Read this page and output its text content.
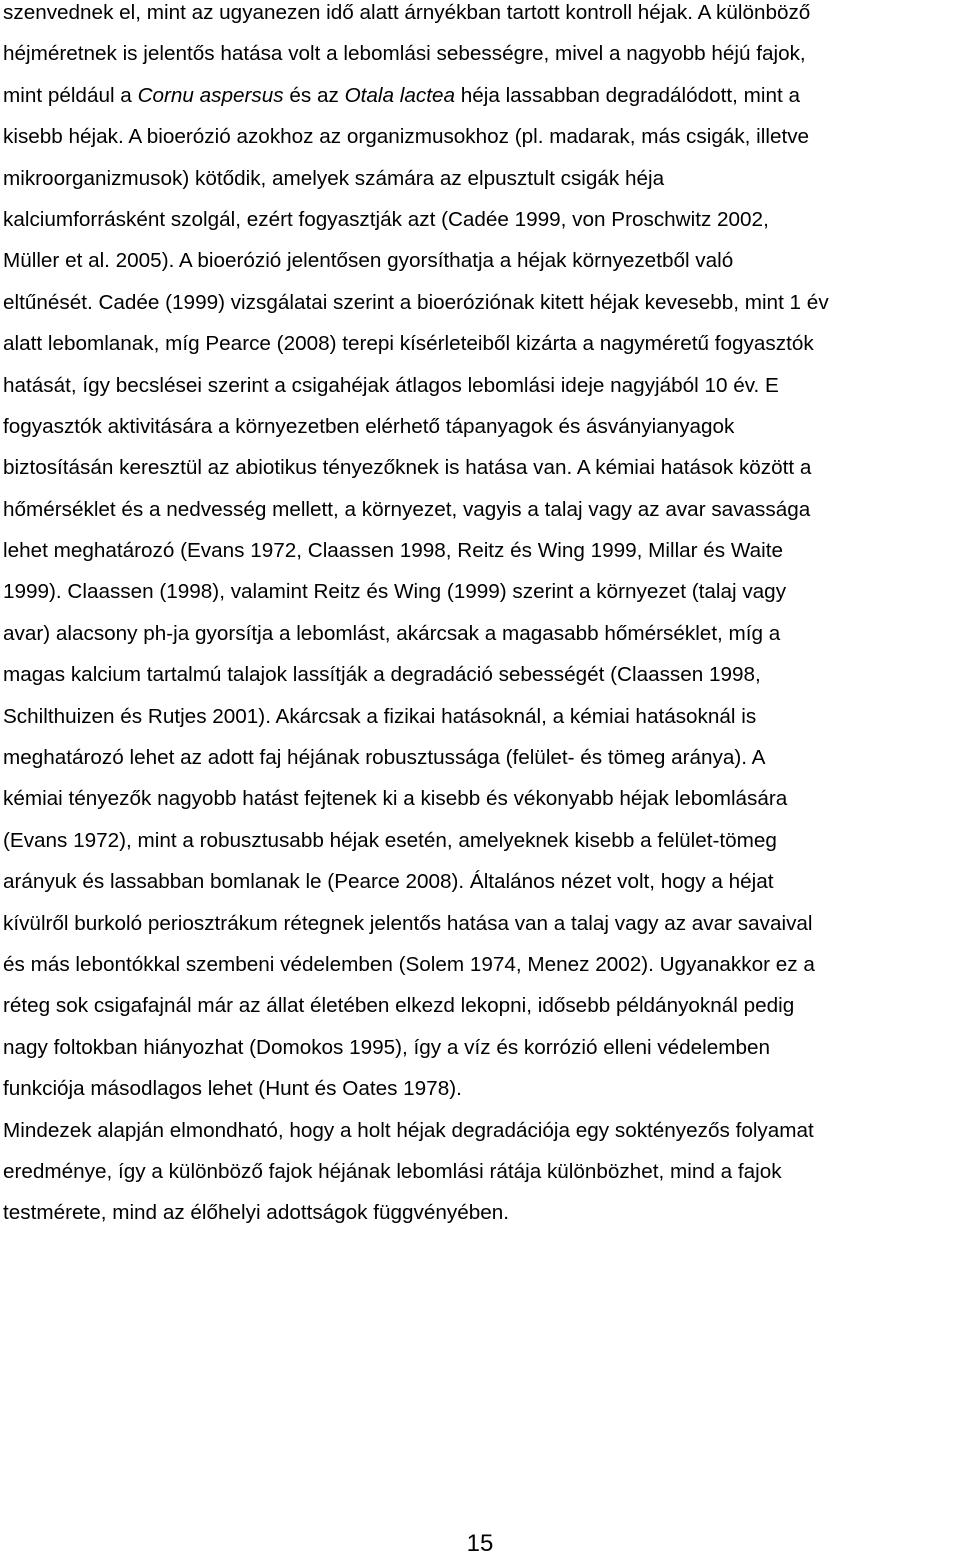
szenvednek el, mint az ugyanezen idő alatt árnyékban tartott kontroll héjak. A különböző
héjméretnek is jelentős hatása volt a lebomlási sebességre, mivel a nagyobb héjú fajok,
mint például a Cornu aspersus és az Otala lactea héja lassabban degradálódott, mint a
kisebb héjak. A bioerózió azokhoz az organizmusokhoz (pl. madarak, más csigák, illetve
mikroorganizmusok) kötődik, amelyek számára az elpusztult csigák héja
kalciumforrásként szolgál, ezért fogyasztják azt (Cadée 1999, von Proschwitz 2002,
Müller et al. 2005). A bioerózió jelentősen gyorsíthatja a héjak környezetből való
eltűnését. Cadée (1999) vizsgálatai szerint a bioeróziónak kitett héjak kevesebb, mint 1 év
alatt lebomlanak, míg Pearce (2008) terepi kísérleteiből kizárta a nagyméretű fogyasztók
hatását, így becslései szerint a csigahéjak átlagos lebomlási ideje nagyjából 10 év. E
fogyasztók aktivitására a környezetben elérhető tápanyagok és ásványianyagok
biztosításán keresztül az abiotikus tényezőknek is hatása van. A kémiai hatások között a
hőmérséklet és a nedvesség mellett, a környezet, vagyis a talaj vagy az avar savassága
lehet meghatározó (Evans 1972, Claassen 1998, Reitz és Wing 1999, Millar és Waite
1999). Claassen (1998), valamint Reitz és Wing (1999) szerint a környezet (talaj vagy
avar) alacsony ph-ja gyorsítja a lebomlást, akárcsak a magasabb hőmérséklet, míg a
magas kalcium tartalmú talajok lassítják a degradáció sebességét (Claassen 1998,
Schilthuizen és Rutjes 2001). Akárcsak a fizikai hatásoknál, a kémiai hatásoknál is
meghatározó lehet az adott faj héjának robusztussága (felület- és tömeg aránya). A
kémiai tényezők nagyobb hatást fejtenek ki a kisebb és vékonyabb héjak lebomlására
(Evans 1972), mint a robusztusabb héjak esetén, amelyeknek kisebb a felület-tömeg
arányuk és lassabban bomlanak le (Pearce 2008). Általános nézet volt, hogy a héjat
kívülről burkoló periosztrákum rétegnek jelentős hatása van a talaj vagy az avar savaival
és más lebontókkal szembeni védelemben (Solem 1974, Menez 2002). Ugyanakkor ez a
réteg sok csigafajnál már az állat életében elkezd lekopni, idősebb példányoknál pedig
nagy foltokban hiányozhat (Domokos 1995), így a víz és korrózió elleni védelemben
funkciója másodlagos lehet (Hunt és Oates 1978).
Mindezek alapján elmondható, hogy a holt héjak degradációja egy soktényezős folyamat
eredménye, így a különböző fajok héjának lebomlási rátája különbözhet, mind a fajok
testmérete, mind az élőhelyi adottságok függvényében.
15
